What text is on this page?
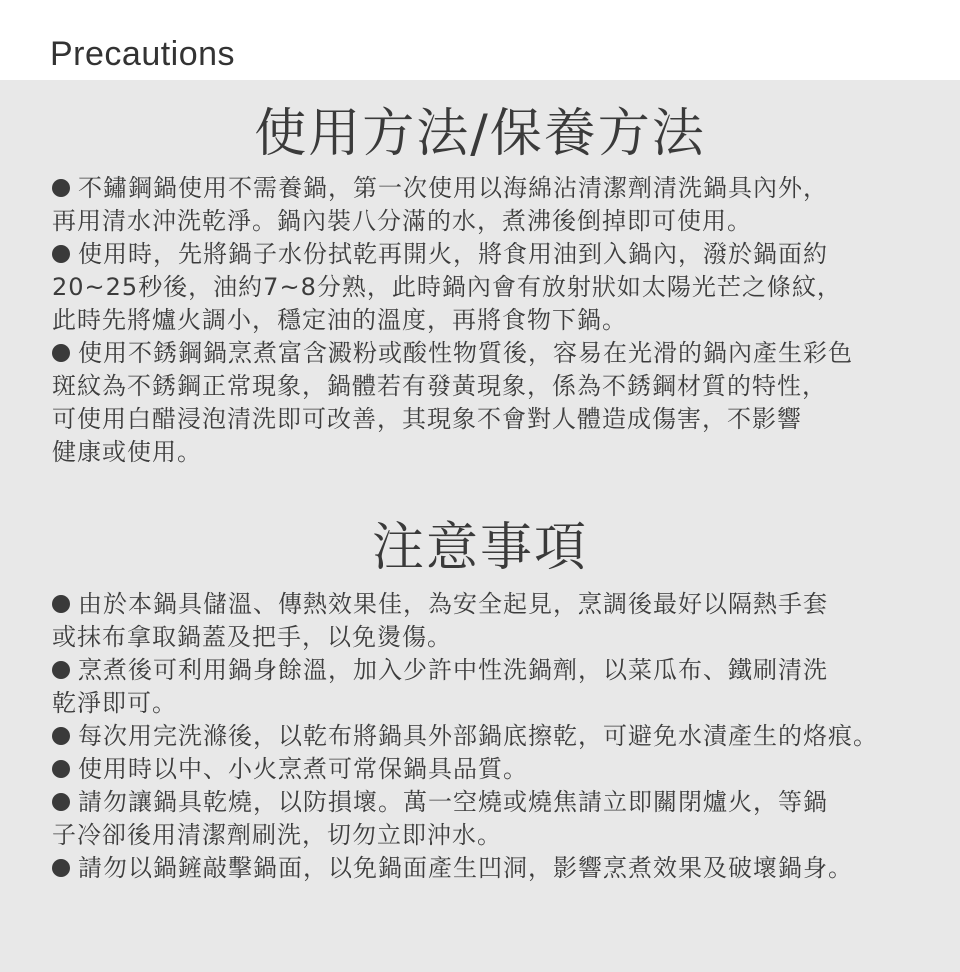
Precautions
使用方法/保養方法
不鏽鋼鍋使用不需養鍋，第一次使用以海綿沾清潔劑清洗鍋具內外，
再用清水沖洗乾淨。鍋內裝八分滿的水，煮沸後倒掉即可使用。
使用時，先將鍋子水份拭乾再開火，將食用油到入鍋內，潑於鍋面約
20~25秒後，油約7~8分熟，此時鍋內會有放射狀如太陽光芒之條紋，
此時先將爐火調小，穩定油的溫度，再將食物下鍋。
使用不銹鋼鍋烹煮富含澱粉或酸性物質後，容易在光滑的鍋內產生彩色
斑紋為不銹鋼正常現象，鍋體若有發黃現象，係為不銹鋼材質的特性，
可使用白醋浸泡清洗即可改善，其現象不會對人體造成傷害，不影響
健康或使用。
注意事項
由於本鍋具儲溫、傳熱效果佳，為安全起見，烹調後最好以隔熱手套
或抹布拿取鍋蓋及把手，以免燙傷。
烹煮後可利用鍋身餘溫，加入少許中性洗鍋劑，以菜瓜布、鐵刷清洗
乾淨即可。
每次用完洗滌後，以乾布將鍋具外部鍋底擦乾，可避免水漬產生的烙痕。
使用時以中、小火烹煮可常保鍋具品質。
請勿讓鍋具乾燒，以防損壞。萬一空燒或燒焦請立即關閉爐火，等鍋
子冷卻後用清潔劑刷洗，切勿立即沖水。
請勿以鍋鏟敲擊鍋面，以免鍋面產生凹洞，影響烹煮效果及破壞鍋身。
